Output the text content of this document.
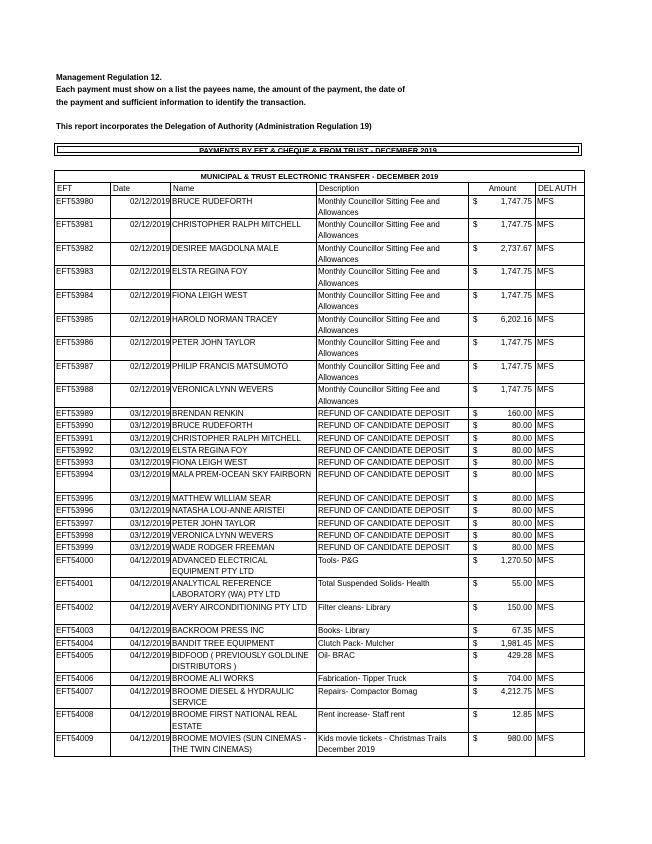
Management Regulation 12.

Each payment must show on a list the payees name, the amount of the payment, the date of

the payment and sufficient information to identify the transaction.

This report incorporates the Delegation of Authority (Administration Regulation 19)

PAYMENTS BY EFT & CHEQUE & FROM TRUST - DECEMBER 2019
MUNICIPAL & TRUST ELECTRONIC TRANSFER - DECEMBER 2019					
EFT	Date	Name	Description	Amount	DEL AUTH
EFT53980	02/12/2019	BRUCE RUDEFORTH	Monthly Councillor Sitting Fee and Allowances	$ 1,747.75	MFS
EFT53981	02/12/2019	CHRISTOPHER RALPH MITCHELL	Monthly Councillor Sitting Fee and Allowances	$ 1,747.75	MFS
EFT53982	02/12/2019	DESIREE MAGDOLNA MALE	Monthly Councillor Sitting Fee and Allowances	$ 2,737.67	MFS
EFT53983	02/12/2019	ELSTA REGINA FOY	Monthly Councillor Sitting Fee and Allowances	$ 1,747.75	MFS
EFT53984	02/12/2019	FIONA LEIGH WEST	Monthly Councillor Sitting Fee and Allowances	$ 1,747.75	MFS
EFT53985	02/12/2019	HAROLD NORMAN TRACEY	Monthly Councillor Sitting Fee and Allowances	$ 6,202.16	MFS
EFT53986	02/12/2019	PETER JOHN TAYLOR	Monthly Councillor Sitting Fee and Allowances	$ 1,747.75	MFS
EFT53987	02/12/2019	PHILIP FRANCIS MATSUMOTO	Monthly Councillor Sitting Fee and Allowances	$ 1,747.75	MFS
EFT53988	02/12/2019	VERONICA LYNN WEVERS	Monthly Councillor Sitting Fee and Allowances	$ 1,747.75	MFS
EFT53989	03/12/2019	BRENDAN RENKIN	REFUND OF CANDIDATE DEPOSIT	$ 160.00	MFS
EFT53990	03/12/2019	BRUCE RUDEFORTH	REFUND OF CANDIDATE DEPOSIT	$ 80.00	MFS
EFT53991	03/12/2019	CHRISTOPHER RALPH MITCHELL	REFUND OF CANDIDATE DEPOSIT	$ 80.00	MFS
EFT53992	03/12/2019	ELSTA REGINA FOY	REFUND OF CANDIDATE DEPOSIT	$ 80.00	MFS
EFT53993	03/12/2019	FIONA LEIGH WEST	REFUND OF CANDIDATE DEPOSIT	$ 80.00	MFS
EFT53994	03/12/2019	MALA PREM-OCEAN SKY FAIRBORN	REFUND OF CANDIDATE DEPOSIT	$ 80.00	MFS
EFT53995	03/12/2019	MATTHEW WILLIAM SEAR	REFUND OF CANDIDATE DEPOSIT	$ 80.00	MFS
EFT53996	03/12/2019	NATASHA LOU-ANNE ARISTEI	REFUND OF CANDIDATE DEPOSIT	$ 80.00	MFS
EFT53997	03/12/2019	PETER JOHN TAYLOR	REFUND OF CANDIDATE DEPOSIT	$ 80.00	MFS
EFT53998	03/12/2019	VERONICA LYNN WEVERS	REFUND OF CANDIDATE DEPOSIT	$ 80.00	MFS
EFT53999	03/12/2019	WADE RODGER FREEMAN	REFUND OF CANDIDATE DEPOSIT	$ 80.00	MFS
EFT54000	04/12/2019	ADVANCED ELECTRICAL EQUIPMENT PTY LTD	Tools- P&G	$ 1,270.50	MFS
EFT54001	04/12/2019	ANALYTICAL REFERENCE LABORATORY (WA) PTY LTD	Total Suspended Solids- Health	$ 55.00	MFS
EFT54002	04/12/2019	AVERY AIRCONDITIONING PTY LTD	Filter cleans- Library	$ 150.00	MFS
EFT54003	04/12/2019	BACKROOM PRESS INC	Books- Library	$ 67.35	MFS
EFT54004	04/12/2019	BANDIT TREE EQUIPMENT	Clutch Pack- Mulcher	$ 1,981.45	MFS
EFT54005	04/12/2019	BIDFOOD ( PREVIOUSLY GOLDLINE DISTRIBUTORS )	Oil- BRAC	$ 429.28	MFS
EFT54006	04/12/2019	BROOME ALI WORKS	Fabrication- Tipper Truck	$ 704.00	MFS
EFT54007	04/12/2019	BROOME DIESEL & HYDRAULIC SERVICE	Repairs- Compactor Bomag	$ 4,212.75	MFS
EFT54008	04/12/2019	BROOME FIRST NATIONAL REAL ESTATE	Rent increase- Staff rent	$ 12.85	MFS
EFT54009	04/12/2019	BROOME MOVIES (SUN CINEMAS - THE TWIN CINEMAS)	Kids movie tickets - Christmas Trails December 2019	$ 980.00	MFS
